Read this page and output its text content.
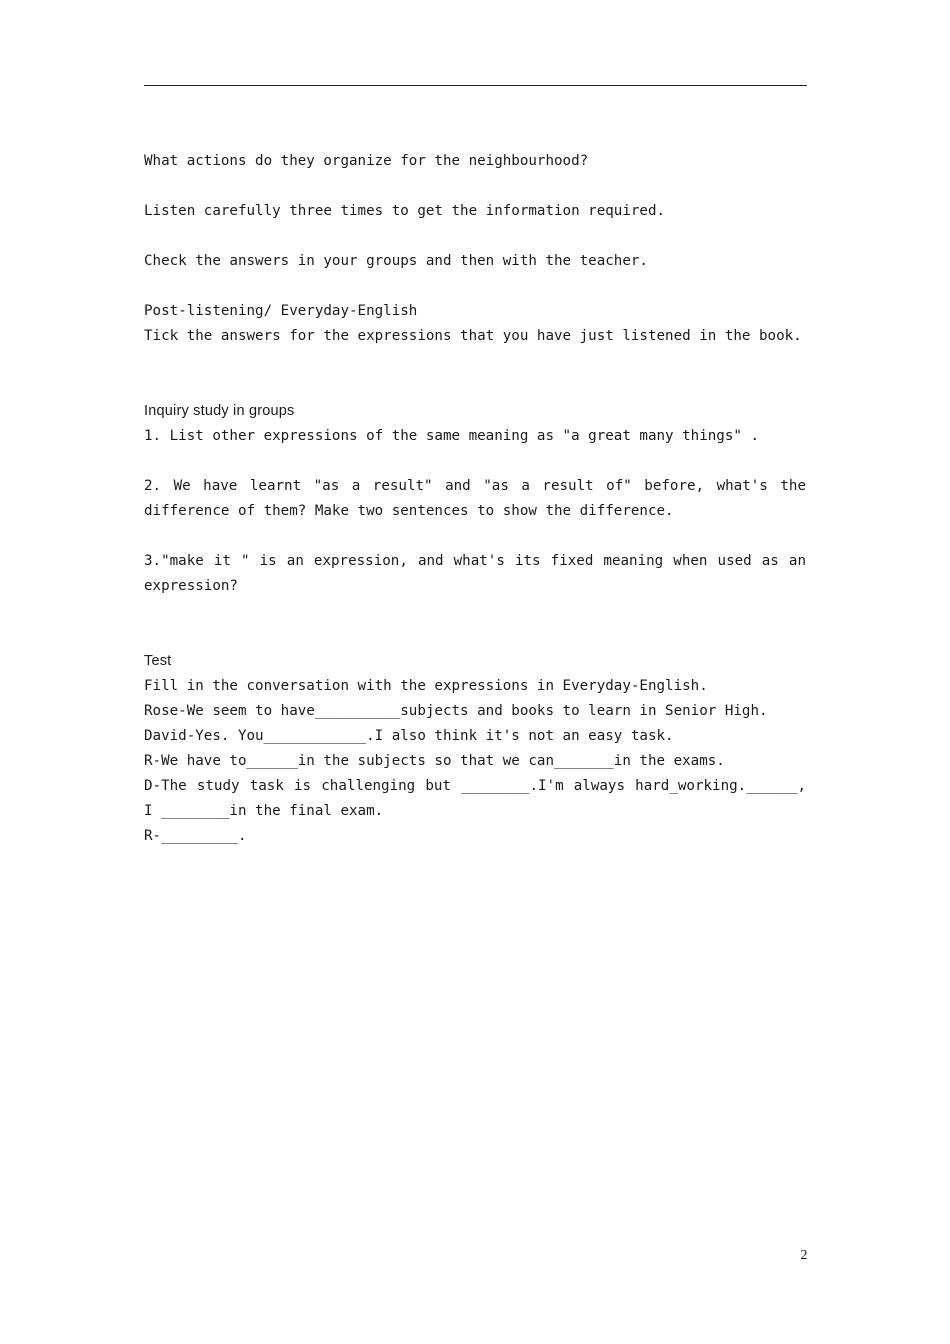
What actions do they organize for the neighbourhood?

Listen carefully three times to get the information required.

Check the answers in your groups and then with the teacher.

Post-listening/ Everyday-English

Tick the answers for the expressions that you have just listened in the book.

Inquiry study in groups

1. List other expressions of the same meaning as "a great many things" .

2. We have learnt "as a result" and "as a result of" before, what's the difference of them? Make two sentences to show the difference.

3."make it " is an expression, and what's its fixed meaning when used as an expression?

Test

Fill in the conversation with the expressions in Everyday-English.

Rose-We seem to have__________subjects and books to learn in Senior High.

David-Yes. You____________.I also think it's not an easy task.

R-We have to______in the subjects so that we can_______in the exams.

D-The study task is challenging but ________.I'm always hard_working.______, I ________in the final exam.

R-_________.

2
